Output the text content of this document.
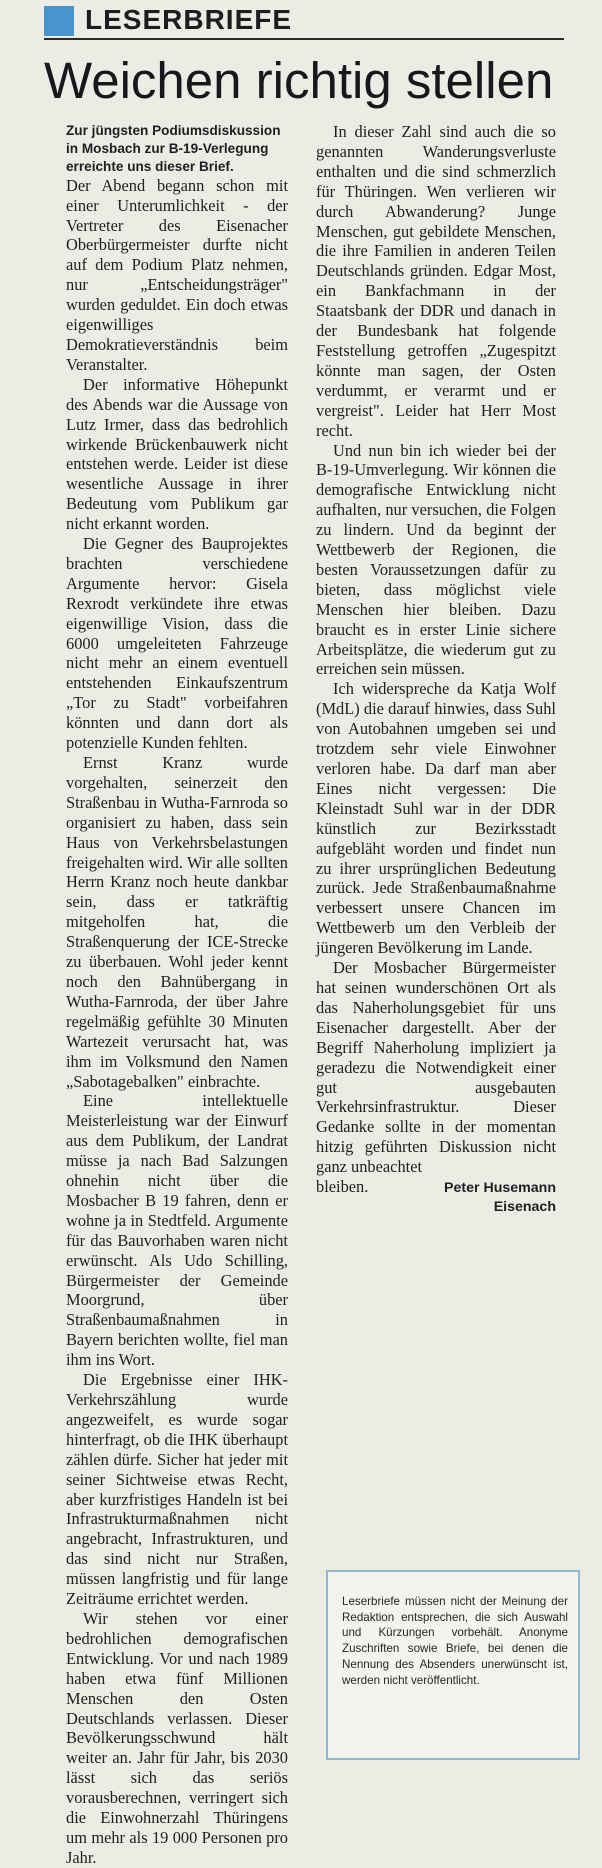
LESERBRIEFE
Weichen richtig stellen

Zur jüngsten Podiumsdiskussion in Mosbach zur B-19-Verlegung erreichte uns dieser Brief.

Der Abend begann schon mit einer Unterumlichkeit - der Vertreter des Eisenacher Oberbürgermeister durfte nicht auf dem Podium Platz nehmen, nur „Entscheidungsträger" wurden geduldet. Ein doch etwas eigenwilliges Demokratieverständnis beim Veranstalter.

Der informative Höhepunkt des Abends war die Aussage von Lutz Irmer, dass das bedrohlich wirkende Brückenbauwerk nicht entstehen werde. Leider ist diese wesentliche Aussage in ihrer Bedeutung vom Publikum gar nicht erkannt worden.

Die Gegner des Bauprojektes brachten verschiedene Argumente hervor: Gisela Rexrodt verkündete ihre etwas eigenwillige Vision, dass die 6000 umgeleiteten Fahrzeuge nicht mehr an einem eventuell entstehenden Einkaufszentrum „Tor zu Stadt" vorbeifahren könnten und dann dort als potenzielle Kunden fehlten.

Ernst Kranz wurde vorgehalten, seinerzeit den Straßenbau in Wutha-Farnroda so organisiert zu haben, dass sein Haus von Verkehrsbelastungen freigehalten wird. Wir alle sollten Herrn Kranz noch heute dankbar sein, dass er tatkräftig mitgeholfen hat, die Straßenquerung der ICE-Strecke zu überbauen. Wohl jeder kennt noch den Bahnübergang in Wutha-Farnroda, der über Jahre regelmäßig gefühlte 30 Minuten Wartezeit verursacht hat, was ihm im Volksmund den Namen „Sabotagebalken" einbrachte.

Eine intellektuelle Meisterleistung war der Einwurf aus dem Publikum, der Landrat müsse ja nach Bad Salzungen ohnehin nicht über die Mosbacher B 19 fahren, denn er wohne ja in Stedtfeld. Argumente für das Bauvorhaben waren nicht erwünscht. Als Udo Schilling, Bürgermeister der Gemeinde Moorgrund, über Straßenbaumaßnahmen in Bayern berichten wollte, fiel man ihm ins Wort.

Die Ergebnisse einer IHK-Verkehrszählung wurde angezweifelt, es wurde sogar hinterfragt, ob die IHK überhaupt zählen dürfe. Sicher hat jeder mit seiner Sichtweise etwas Recht, aber kurzfristiges Handeln ist bei Infrastrukturmaßnahmen nicht angebracht, Infrastrukturen, und das sind nicht nur Straßen, müssen langfristig und für lange Zeiträume errichtet werden.

Wir stehen vor einer bedrohlichen demografischen Entwicklung. Vor und nach 1989 haben etwa fünf Millionen Menschen den Osten Deutschlands verlassen. Dieser Bevölkerungsschwund hält weiter an. Jahr für Jahr, bis 2030 lässt sich das seriös vorausberechnen, verringert sich die Einwohnerzahl Thüringens um mehr als 19 000 Personen pro Jahr.

In dieser Zahl sind auch die so genannten Wanderungsverluste enthalten und die sind schmerzlich für Thüringen. Wen verlieren wir durch Abwanderung? Junge Menschen, gut gebildete Menschen, die ihre Familien in anderen Teilen Deutschlands gründen. Edgar Most, ein Bankfachmann in der Staatsbank der DDR und danach in der Bundesbank hat folgende Feststellung getroffen „Zugespitzt könnte man sagen, der Osten verdummt, er verarmt und er vergreist". Leider hat Herr Most recht.

Und nun bin ich wieder bei der B-19-Umverlegung. Wir können die demografische Entwicklung nicht aufhalten, nur versuchen, die Folgen zu lindern. Und da beginnt der Wettbewerb der Regionen, die besten Voraussetzungen dafür zu bieten, dass möglichst viele Menschen hier bleiben. Dazu braucht es in erster Linie sichere Arbeitsplätze, die wiederum gut zu erreichen sein müssen.

Ich widerspreche da Katja Wolf (MdL) die darauf hinwies, dass Suhl von Autobahnen umgeben sei und trotzdem sehr viele Einwohner verloren habe. Da darf man aber Eines nicht vergessen: Die Kleinstadt Suhl war in der DDR künstlich zur Bezirksstadt aufgebläht worden und findet nun zu ihrer ursprünglichen Bedeutung zurück. Jede Straßenbaumaßnahme verbessert unsere Chancen im Wettbewerb um den Verbleib der jüngeren Bevölkerung im Lande.

Der Mosbacher Bürgermeister hat seinen wunderschönen Ort als das Naherholungsgebiet für uns Eisenacher dargestellt. Aber der Begriff Naherholung impliziert ja geradezu die Notwendigkeit einer gut ausgebauten Verkehrsinfrastruktur. Dieser Gedanke sollte in der momentan hitzig geführten Diskussion nicht ganz unbeachtet

bleiben.	Peter Husemann
Eisenach
Leserbriefe müssen nicht der Meinung der Redaktion entsprechen, die sich Auswahl und Kürzungen vorbehält. Anonyme Zuschriften sowie Briefe, bei denen die Nennung des Absenders unerwünscht ist, werden nicht veröffentlicht.
